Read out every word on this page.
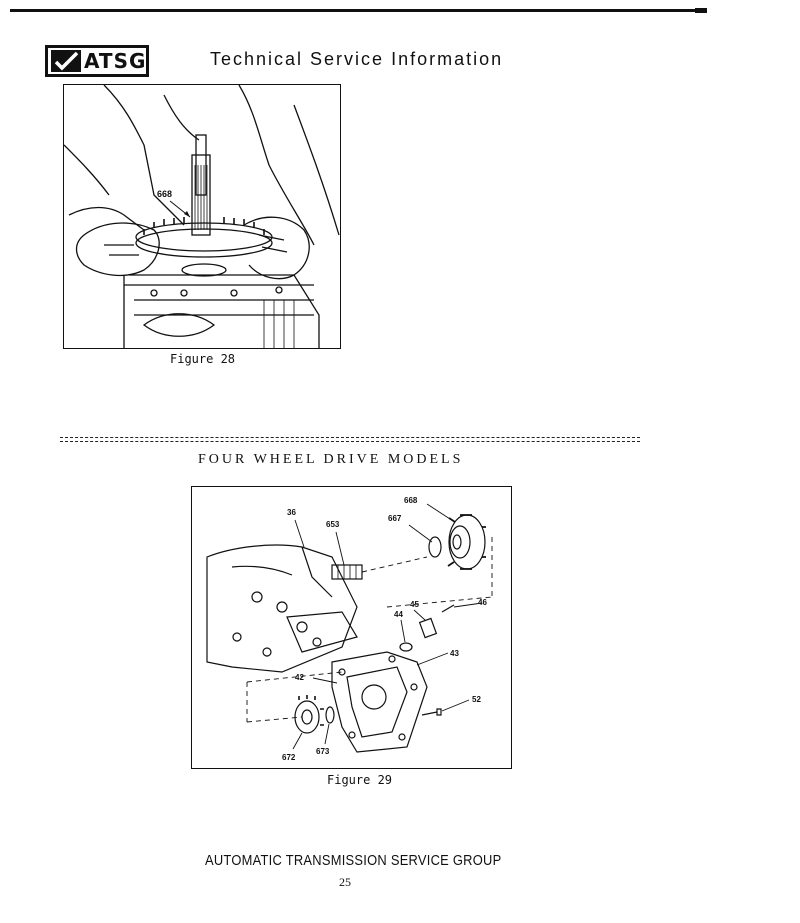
ATSG	Technical Service Information
668
Figure 28
FOUR WHEEL DRIVE MODELS
668
36
667
653
46
45
44
43
42
52
672
673
Figure 29
AUTOMATIC TRANSMISSION SERVICE GROUP
25
